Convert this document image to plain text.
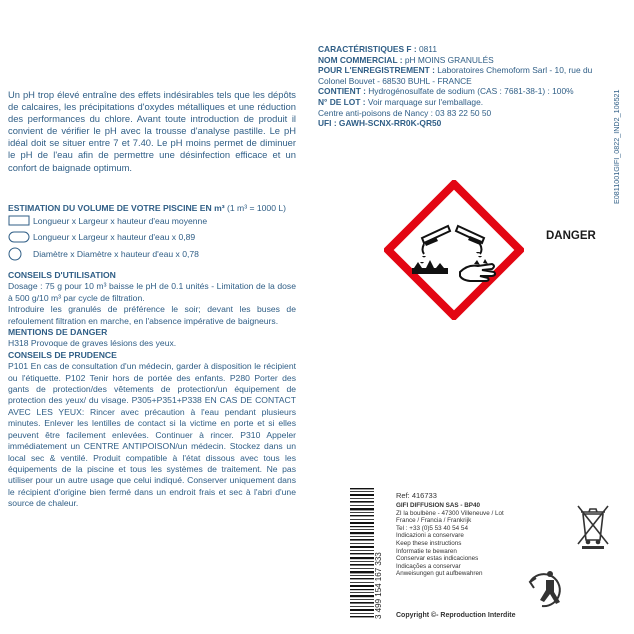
Un pH trop élevé entraîne des effets indésirables tels que les dépôts de calcaires, les précipitations d'oxydes métalliques et une réduction des performances du chlore. Avant toute introduction de produit il convient de vérifier le pH avec la trousse d'analyse pastille. Le pH idéal doit se situer entre 7 et 7.40. Le pH moins permet de diminuer le pH de l'eau afin de permettre une désinfection efficace et un confort de baignade optimum.

ESTIMATION DU VOLUME DE VOTRE PISCINE EN m³ (1 m³ = 1000 L)
Longueur x Largeur x hauteur d'eau moyenne
Longueur x Largeur x hauteur d'eau x 0,89
Diamètre x Diamètre x hauteur d'eau x 0,78

CONSEILS D'UTILISATION

Dosage : 75 g pour 10 m³ baisse le pH de 0.1 unités - Limitation de la dose à 500 g/10 m³ par cycle de filtration.

Introduire les granulés de préférence le soir; devant les buses de refoulement filtration en marche, en l'absence impérative de baigneurs.

MENTIONS DE DANGER

H318 Provoque de graves lésions des yeux.

CONSEILS DE PRUDENCE

P101 En cas de consultation d'un médecin, garder à disposition le récipient ou l'étiquette. P102 Tenir hors de portée des enfants. P280 Porter des gants de protection/des vêtements de protection/un équipement de protection des yeux/ du visage. P305+P351+P338 EN CAS DE CONTACT AVEC LES YEUX: Rincer avec précaution à l'eau pendant plusieurs minutes. Enlever les lentilles de contact si la victime en porte et si elles peuvent être facilement enlevées. Continuer à rincer. P310 Appeler immédiatement un CENTRE ANTIPOISON/un médecin. Stockez dans un local sec & ventilé. Produit compatible à l'état dissous avec tous les équipements de la piscine et tous les systèmes de traitement. Ne pas utiliser pour un autre usage que celui indiqué. Conserver uniquement dans le récipient d'origine bien fermé dans un endroit frais et sec à l'abri d'une source de chaleur.

CARACTÉRISTIQUES F : 0811

NOM COMMERCIAL : pH MOINS GRANULÉS

POUR L'ENREGISTREMENT : Laboratoires Chemoform Sarl - 10, rue du Colonel Bouvet - 68530 BUHL - FRANCE

CONTIENT : Hydrogénosulfate de sodium (CAS : 7681-38-1) : 100%

N° DE LOT : Voir marquage sur l'emballage.

Centre anti-poisons de Nancy : 03 83 22 50 50

UFI : GAWH-SCNX-RR0K-QR50	E0811001GIFI_0822_IND2_106521
DANGER
3 499 154 167 333
Ref: 416733

GIFI DIFFUSION SAS - BP40

ZI la boulbène - 47300 Villeneuve / Lot

France / Francia / Frankrijk

Tel : +33 (0)5 53 40 54 54

Indicazioni a conservare

Keep these instructions

Informatie te bewaren

Conservar estas indicaciones

Indicações a conservar

Anweisungen gut aufbewahren

Copyright ©- Reproduction Interdite
